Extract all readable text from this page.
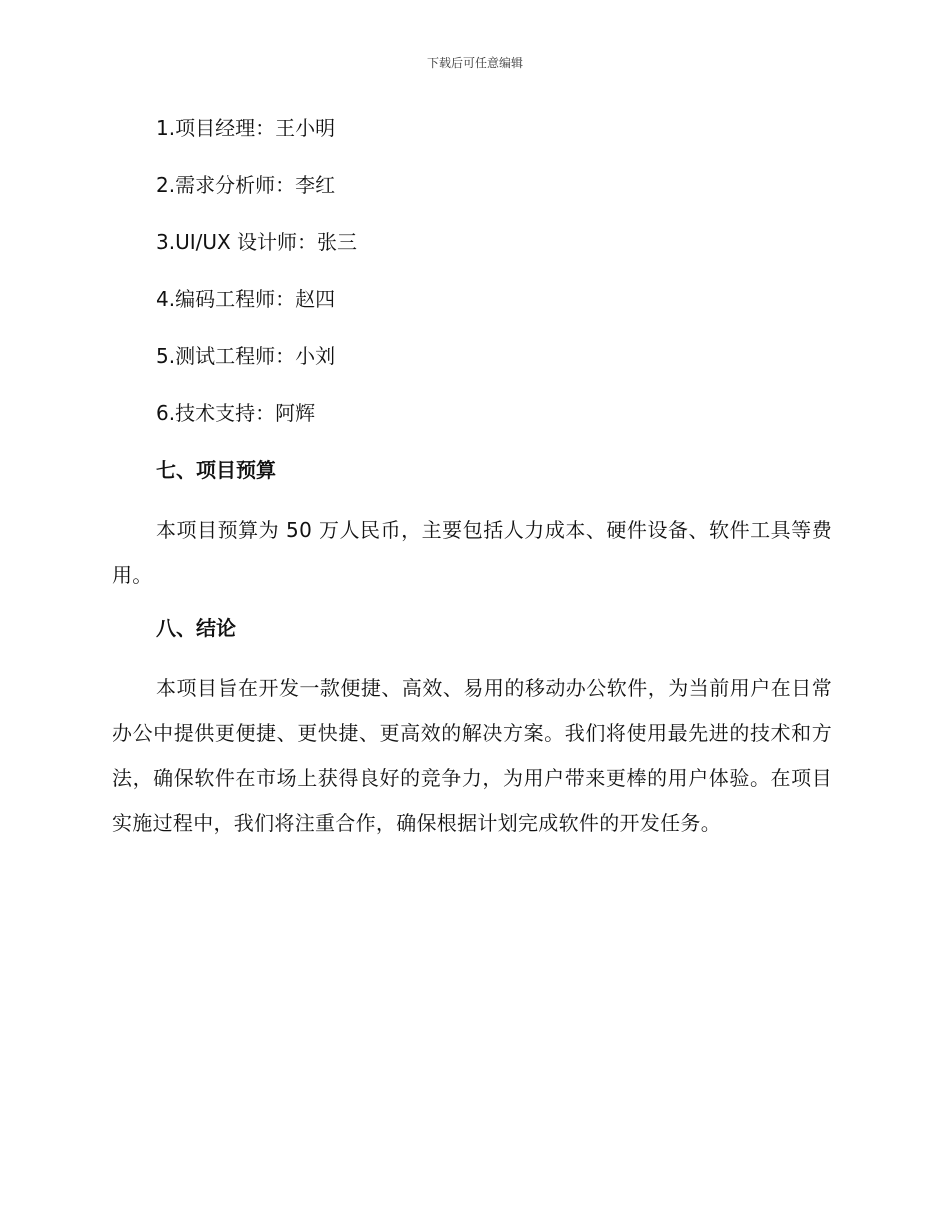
下载后可任意编辑
1.项目经理：王小明
2.需求分析师：李红
3.UI/UX 设计师：张三
4.编码工程师：赵四
5.测试工程师：小刘
6.技术支持：阿辉
七、项目预算

本项目预算为 50 万人民币，主要包括人力成本、硬件设备、软件工具等费用。

八、结论

本项目旨在开发一款便捷、高效、易用的移动办公软件，为当前用户在日常办公中提供更便捷、更快捷、更高效的解决方案。我们将使用最先进的技术和方法，确保软件在市场上获得良好的竞争力，为用户带来更棒的用户体验。在项目实施过程中，我们将注重合作，确保根据计划完成软件的开发任务。
